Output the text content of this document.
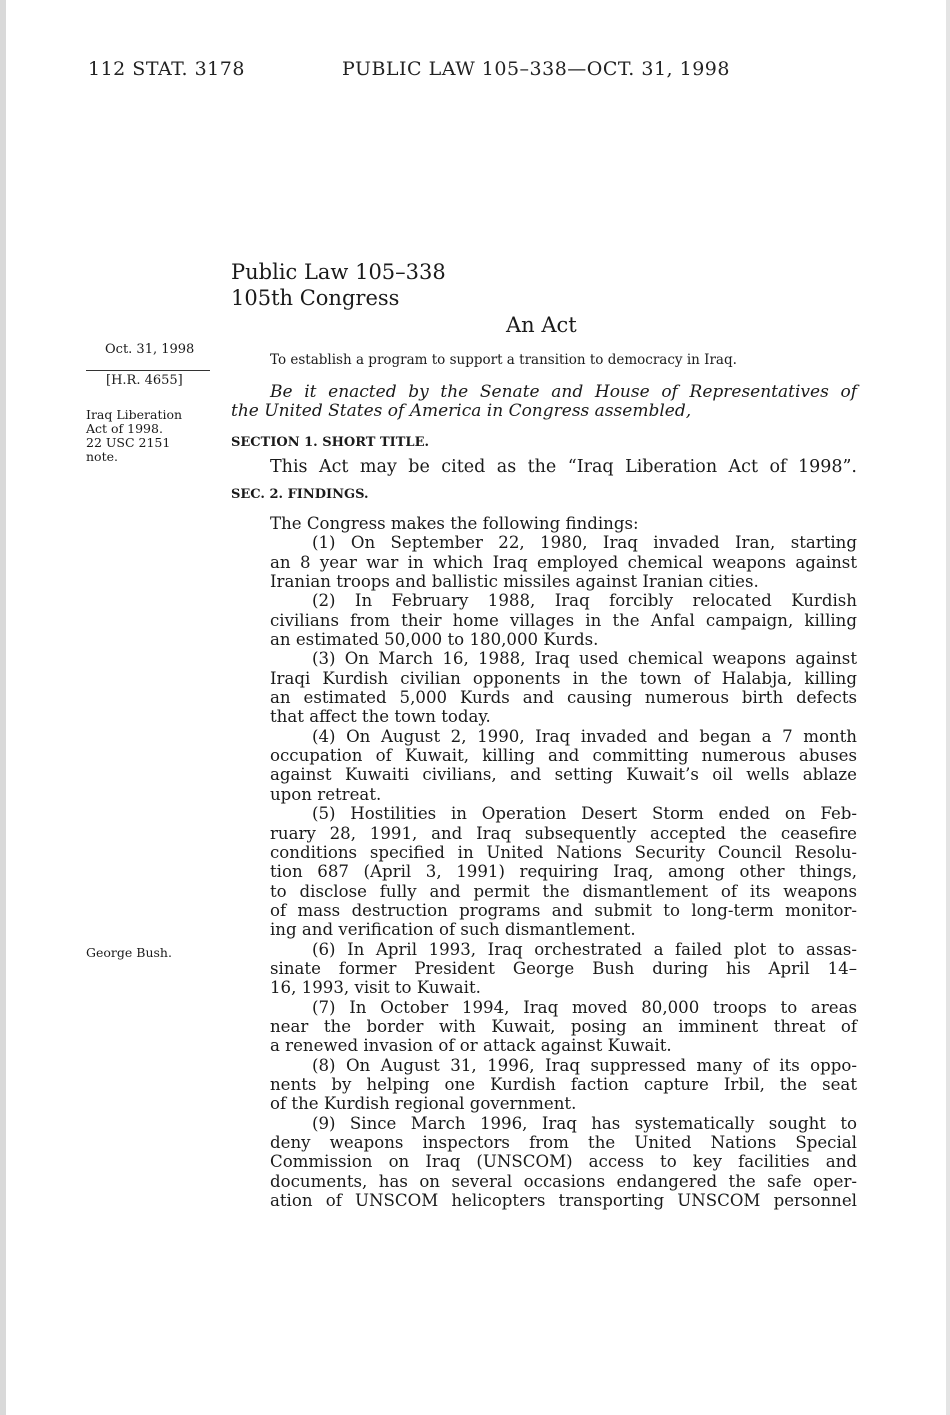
112 STAT. 3178	PUBLIC LAW 105–338—OCT. 31, 1998
Public Law 105–338
105th Congress
An Act
To establish a program to support a transition to democracy in Iraq.
Oct. 31, 1998
[H.R. 4655]
Iraq Liberation
Act of 1998.
22 USC 2151
note.
George Bush.
Be it enacted by the Senate and House of Representatives of
the United States of America in Congress assembled,
SECTION 1. SHORT TITLE.
This Act may be cited as the “Iraq Liberation Act of 1998”.
SEC. 2. FINDINGS.
The Congress makes the following findings:
(1) On September 22, 1980, Iraq invaded Iran, starting
an 8 year war in which Iraq employed chemical weapons against
Iranian troops and ballistic missiles against Iranian cities.
(2) In February 1988, Iraq forcibly relocated Kurdish
civilians from their home villages in the Anfal campaign, killing
an estimated 50,000 to 180,000 Kurds.
(3) On March 16, 1988, Iraq used chemical weapons against
Iraqi Kurdish civilian opponents in the town of Halabja, killing
an estimated 5,000 Kurds and causing numerous birth defects
that affect the town today.
(4) On August 2, 1990, Iraq invaded and began a 7 month
occupation of Kuwait, killing and committing numerous abuses
against Kuwaiti civilians, and setting Kuwait’s oil wells ablaze
upon retreat.
(5) Hostilities in Operation Desert Storm ended on Feb-
ruary 28, 1991, and Iraq subsequently accepted the ceasefire
conditions specified in United Nations Security Council Resolu-
tion 687 (April 3, 1991) requiring Iraq, among other things,
to disclose fully and permit the dismantlement of its weapons
of mass destruction programs and submit to long-term monitor-
ing and verification of such dismantlement.
(6) In April 1993, Iraq orchestrated a failed plot to assas-
sinate former President George Bush during his April 14–
16, 1993, visit to Kuwait.
(7) In October 1994, Iraq moved 80,000 troops to areas
near the border with Kuwait, posing an imminent threat of
a renewed invasion of or attack against Kuwait.
(8) On August 31, 1996, Iraq suppressed many of its oppo-
nents by helping one Kurdish faction capture Irbil, the seat
of the Kurdish regional government.
(9) Since March 1996, Iraq has systematically sought to
deny weapons inspectors from the United Nations Special
Commission on Iraq (UNSCOM) access to key facilities and
documents, has on several occasions endangered the safe oper-
ation of UNSCOM helicopters transporting UNSCOM personnel
